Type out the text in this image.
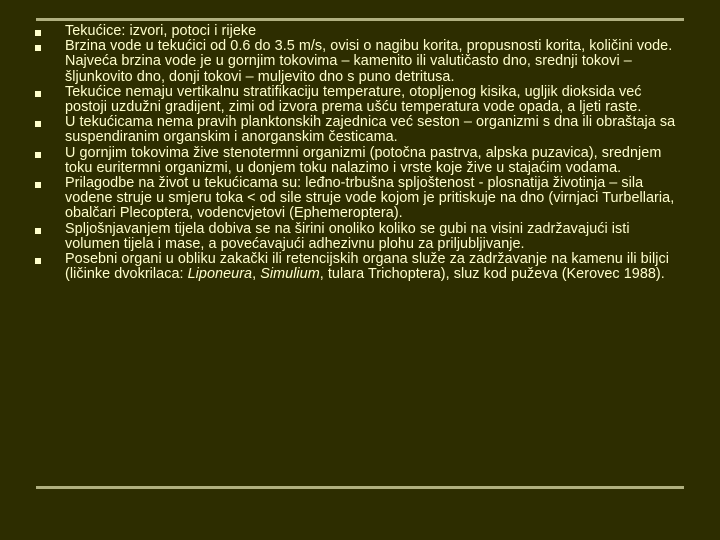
Tekućice: izvori, potoci i rijeke
Brzina vode u tekućici od 0.6 do 3.5 m/s, ovisi o nagibu korita, propusnosti korita, količini vode. Najveća brzina vode je u gornjim tokovima – kamenito ili valutičasto dno, srednji tokovi – šljunkovito dno, donji tokovi – muljevito dno s puno detritusa.
Tekućice nemaju vertikalnu stratifikaciju temperature, otopljenog kisika, ugljik dioksida već postoji uzdužni gradijent, zimi od izvora prema ušću temperatura vode opada, a ljeti raste.
U tekućicama nema pravih planktonskih zajednica već seston – organizmi s dna ili obraštaja sa suspendiranim organskim i anorganskim česticama.
U gornjim tokovima žive stenotermni organizmi (potočna pastrva, alpska puzavica), srednjem toku euritermni organizmi, u donjem toku nalazimo i vrste koje žive u stajaćim vodama.
Prilagodbe na život u tekućicama su: leđno-trbušna spljoštenost - plosnatija životinja – sila vodene struje u smjeru toka < od sile struje vode kojom je pritiskuje na dno (virnjaci Turbellaria, obalčari Plecoptera, vodencvjetovi (Ephemeroptera).
Spljošnjavanjem tijela dobiva se na širini onoliko koliko se gubi na visini zadržavajući isti volumen tijela i mase, a povećavajući adhezivnu plohu za priljubljivanje.
Posebni organi u obliku zakački ili retencijskih organa služe za zadržavanje na kamenu ili biljci (ličinke dvokrilaca: Liponeura, Simulium, tulara Trichoptera), sluz kod puževa (Kerovec 1988).
